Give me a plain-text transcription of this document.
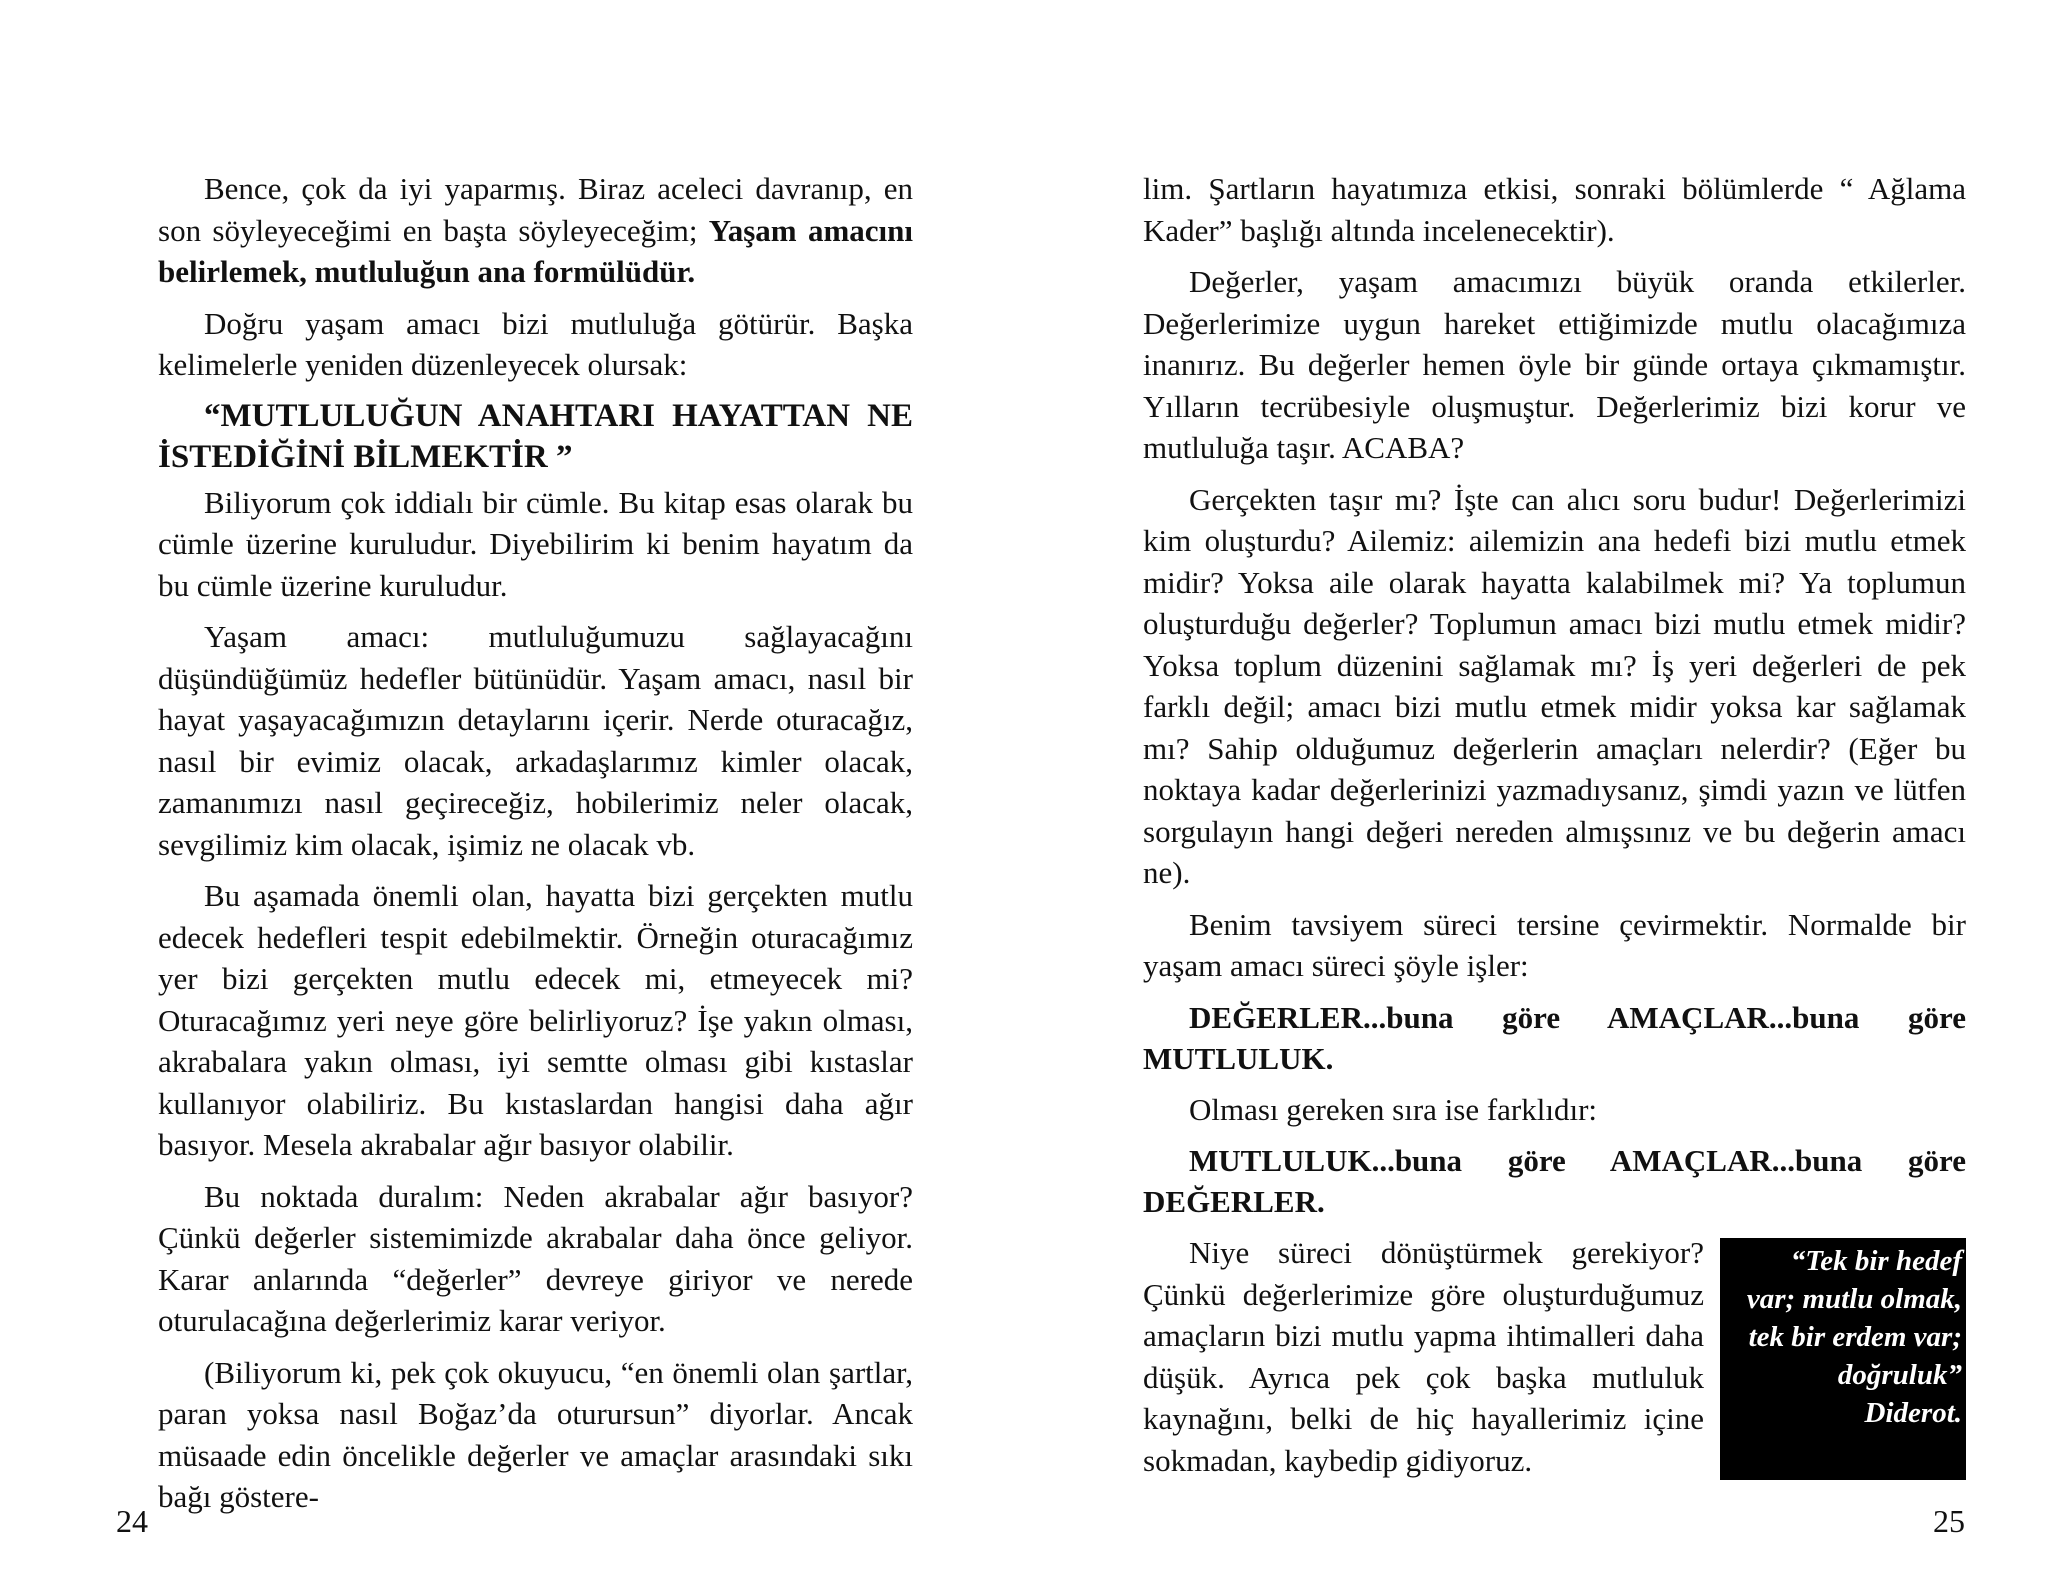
Bence, çok da iyi yaparmış. Biraz aceleci davranıp, en son söyleyeceğimi en başta söyleyeceğim; Yaşam amacını belirlemek, mutluluğun ana formülüdür.

Doğru yaşam amacı bizi mutluluğa götürür. Başka kelimelerle yeniden düzenleyecek olursak:

“MUTLULUĞUN ANAHTARI HAYATTAN NE İSTEDİĞİNİ BİLMEKTİR ”

Biliyorum çok iddialı bir cümle. Bu kitap esas olarak bu cümle üzerine kuruludur. Diyebilirim ki benim hayatım da bu cümle üzerine kuruludur.

Yaşam amacı: mutluluğumuzu sağlayacağını düşündüğümüz hedefler bütünüdür. Yaşam amacı, nasıl bir hayat yaşayacağımızın detaylarını içerir. Nerde oturacağız, nasıl bir evimiz olacak, arkadaşlarımız kimler olacak, zamanımızı nasıl geçireceğiz, hobilerimiz neler olacak, sevgilimiz kim olacak, işimiz ne olacak vb.

Bu aşamada önemli olan, hayatta bizi gerçekten mutlu edecek hedefleri tespit edebilmektir. Örneğin oturacağımız yer bizi gerçekten mutlu edecek mi, etmeyecek mi? Oturacağımız yeri neye göre belirliyoruz? İşe yakın olması, akrabalara yakın olması, iyi semtte olması gibi kıstaslar kullanıyor olabiliriz. Bu kıstaslardan hangisi daha ağır basıyor. Mesela akrabalar ağır basıyor olabilir.

Bu noktada duralım: Neden akrabalar ağır basıyor? Çünkü değerler sistemimizde akrabalar daha önce geliyor. Karar anlarında “değerler” devreye giriyor ve nerede oturulacağına değerlerimiz karar veriyor.

(Biliyorum ki, pek çok okuyucu, “en önemli olan şartlar, paran yoksa nasıl Boğaz’da oturursun” diyorlar. Ancak müsaade edin öncelikle değerler ve amaçlar arasındaki sıkı bağı göstere-

24

lim. Şartların hayatımıza etkisi, sonraki bölümlerde “ Ağlama Kader” başlığı altında incelenecektir).

Değerler, yaşam amacımızı büyük oranda etkilerler. Değerlerimize uygun hareket ettiğimizde mutlu olacağımıza inanırız. Bu değerler hemen öyle bir günde ortaya çıkmamıştır. Yılların tecrübesiyle oluşmuştur. Değerlerimiz bizi korur ve mutluluğa taşır. ACABA?

Gerçekten taşır mı? İşte can alıcı soru budur! Değerlerimizi kim oluşturdu? Ailemiz: ailemizin ana hedefi bizi mutlu etmek midir? Yoksa aile olarak hayatta kalabilmek mi? Ya toplumun oluşturduğu değerler? Toplumun amacı bizi mutlu etmek midir? Yoksa toplum düzenini sağlamak mı? İş yeri değerleri de pek farklı değil; amacı bizi mutlu etmek midir yoksa kar sağlamak mı? Sahip olduğumuz değerlerin amaçları nelerdir? (Eğer bu noktaya kadar değerlerinizi yazmadıysanız, şimdi yazın ve lütfen sorgulayın hangi değeri nereden almışsınız ve bu değerin amacı ne).

Benim tavsiyem süreci tersine çevirmektir. Normalde bir yaşam amacı süreci şöyle işler:

DEĞERLER...buna göre AMAÇLAR...buna göre MUTLULUK.

Olması gereken sıra ise farklıdır:

MUTLULUK...buna göre AMAÇLAR...buna göre DEĞERLER.
“Tek bir hedef
var; mutlu olmak,
tek bir erdem var;
doğruluk”
Diderot.

Niye süreci dönüştürmek gerekiyor? Çünkü değerlerimize göre oluşturduğumuz amaçların bizi mutlu yapma ihtimalleri daha düşük. Ayrıca pek çok başka mutluluk kaynağını, belki de hiç hayallerimiz içine sokmadan, kaybedip gidiyoruz.

25
